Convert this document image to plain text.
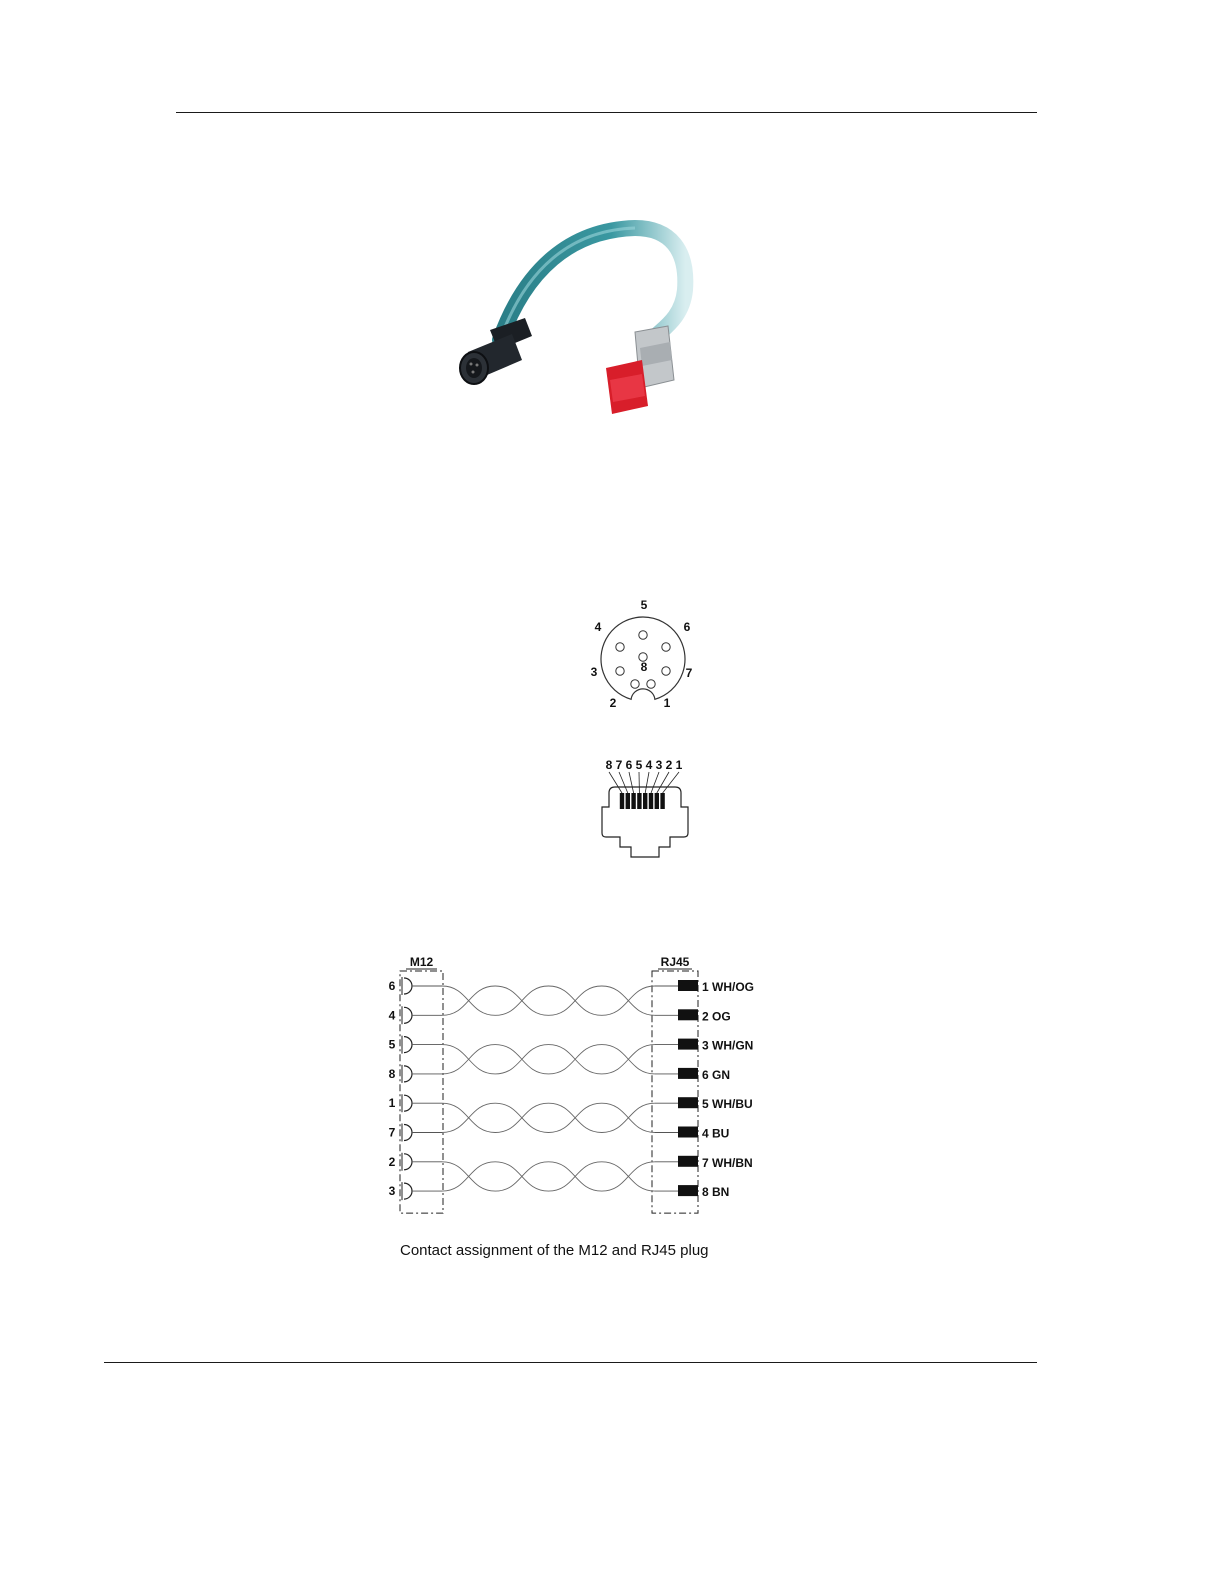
1
2
3
4
5
6
7
8
8 7 6 5 4 3 2 1
M12	RJ45
6	1 WH/OG
4	2 OG
5	3 WH/GN
8	6 GN
1	5 WH/BU
7	4 BU
2	7 WH/BN
3	8 BN
Contact assignment of the M12 and RJ45 plug
